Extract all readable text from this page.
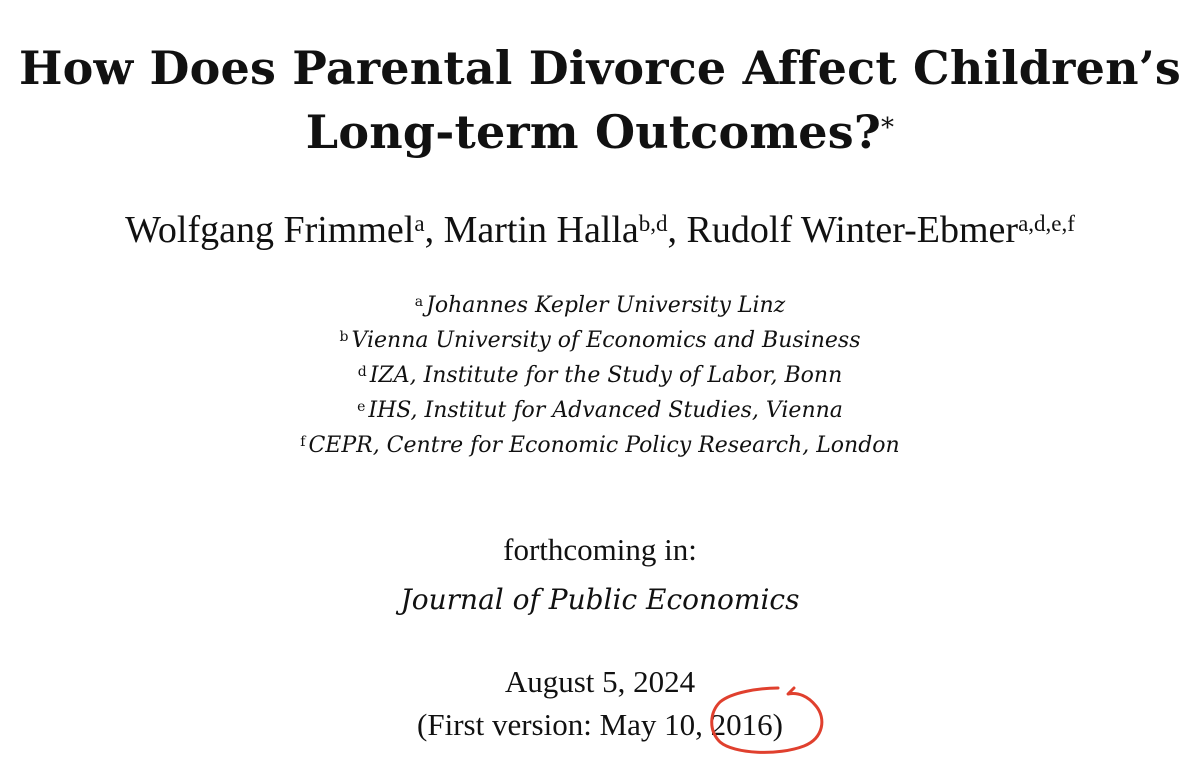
How Does Parental Divorce Affect Children’s
Long-term Outcomes?*
Wolfgang Frimmel$^a$, Martin Halla$^{b,d}$, Rudolf Winter-Ebmer$^{a,d,e,f}$
$^a$ Johannes Kepler University Linz
$^b$ Vienna University of Economics and Business
$^d$ IZA, Institute for the Study of Labor, Bonn
$^e$ IHS, Institut for Advanced Studies, Vienna
$^f$ CEPR, Centre for Economic Policy Research, London
forthcoming in:
Journal of Public Economics
August 5, 2024
(First version: May 10, 2016)
